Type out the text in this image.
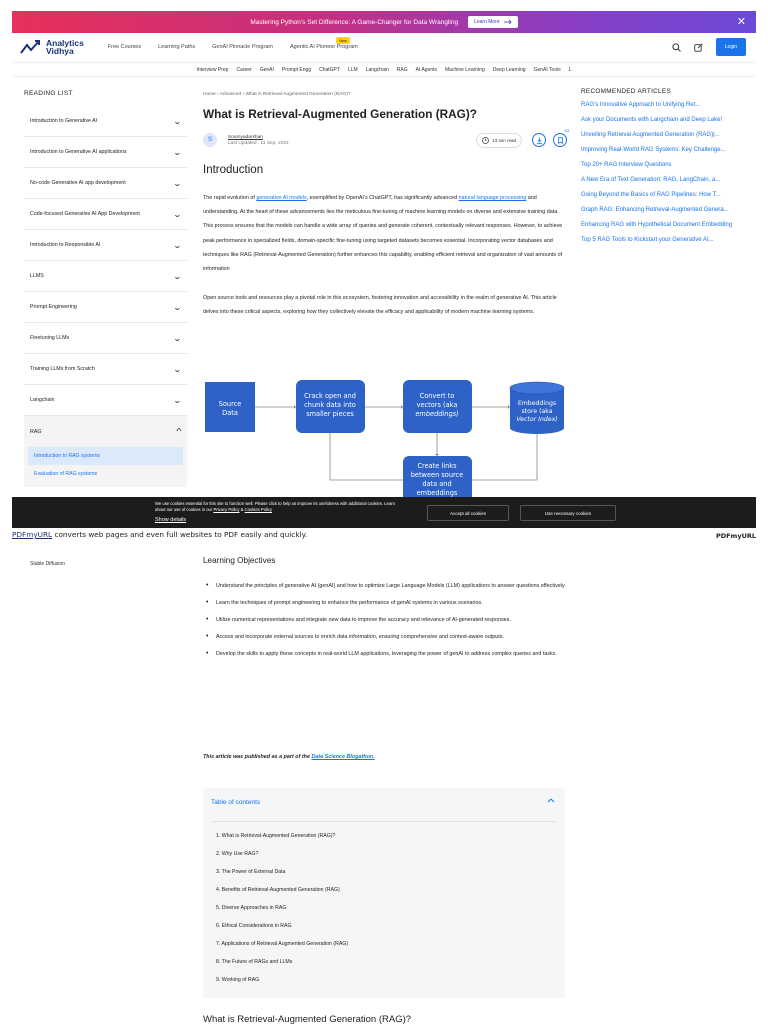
Mastering Python’s Set Difference: A Game-Changer for Data Wrangling	Learn More	✕
Analytics
Vidhya	Free Courses	Learning Paths	GenAI Pinnacle Program	Agentic AI Pioneer Program
New
Login
Interview Prep Career GenAI Prompt Engg ChatGPT LLM Langchain RAG AI Agents Machine Learning Deep Learning GenAI Tools L
READING LIST
Introduction to Generative AI	⌄
Introduction to Generative AI applications	⌄
No-code Generative AI app development	⌄
Code-focused Generative AI App Development	⌄
Introduction to Responsible AI	⌄
LLMS	⌄
Prompt Engineering	⌄
Finetuning LLMs	⌄
Training LLMs from Scratch	⌄
Langchain	⌄
RAG	^
Introduction to RAG systems
Evaluation of RAG systems
Home › Advanced › What is Retrieval-Augmented Generation (RAG)?
What is Retrieval-Augmented Generation (RAG)?
S	Soumyadarshan
Last Updated : 11 Sep, 2024	13 min read
63
Introduction
The rapid evolution of generative AI models, exemplified by OpenAI’s ChatGPT, has significantly advanced natural language processing and understanding. At the heart of these advancements lies the meticulous fine-tuning of machine learning models on diverse and extensive training data. This process ensures that the models can handle a wide array of queries and generate coherent, contextually relevant responses. However, to achieve peak performance in specialized fields, domain-specific fine-tuning using targeted datasets becomes essential. Incorporating vector databases and techniques like RAG (Retrieval-Augmented Generation) further enhances this capability, enabling efficient retrieval and organization of vast amounts of information
Open source tools and resources play a pivotal role in this ecosystem, fostering innovation and accessibility in the realm of generative AI. This article delves into these critical aspects, exploring how they collectively elevate the efficacy and applicability of modern machine learning systems.
Source Data
Crack open and chunk data into smaller pieces
Convert to vectors (aka embeddings)
Embeddings store (aka Vector Index)
Create links between source data and embeddings
RECOMMENDED ARTICLES
RAG’s Innovative Approach to Unifying Ret...
Ask your Documents with Langchain and Deep Lake!
Unveiling Retrieval Augmented Generation (RAG)|...
Improving Real-World RAG Systems: Key Challenge...
Top 20+ RAG Interview Questions
A New Era of Text Generation: RAG, LangChain, a...
Going Beyond the Basics of RAG Pipelines: How T...
Graph RAG: Enhancing Retrieval-Augmented Genera...
Enhancing RAG with Hypothetical Document Embedding
Top 5 RAG Tools to Kickstart your Generative AI...
We use cookies essential for this site to function well. Please click to help us improve its usefulness with additional cookies. Learn about our use of cookies in our Privacy Policy & Cookies Policy
Show details
Accept all cookies	Use necessary cookies
PDFmyURL converts web pages and even full websites to PDF easily and quickly.	PDFmyURL
Stable Diffusion	Learning Objectives
• Understand the principles of generative AI (genAI) and how to optimize Large Language Models (LLM) applications to answer questions effectively.
• Learn the techniques of prompt engineering to enhance the performance of genAI systems in various scenarios.
• Utilize numerical representations and integrate new data to improve the accuracy and relevance of AI-generated responses.
• Access and incorporate external sources to enrich data information, ensuring comprehensive and context-aware outputs.
• Develop the skills to apply these concepts in real-world LLM applications, leveraging the power of genAI to address complex queries and tasks.
This article was published as a part of the Data Science Blogathon.
Table of contents
1. What is Retrieval-Augmented Generation (RAG)?
2. Why Use RAG?
3. The Power of External Data
4. Benefits of Retrieval-Augmented Generation (RAG)
5. Diverse Approaches in RAG
6. Ethical Considerations in RAG
7. Applications of Retrieval Augmented Generation (RAG)
8. The Future of RAGs and LLMs
9. Working of RAG
What is Retrieval-Augmented Generation (RAG)?
